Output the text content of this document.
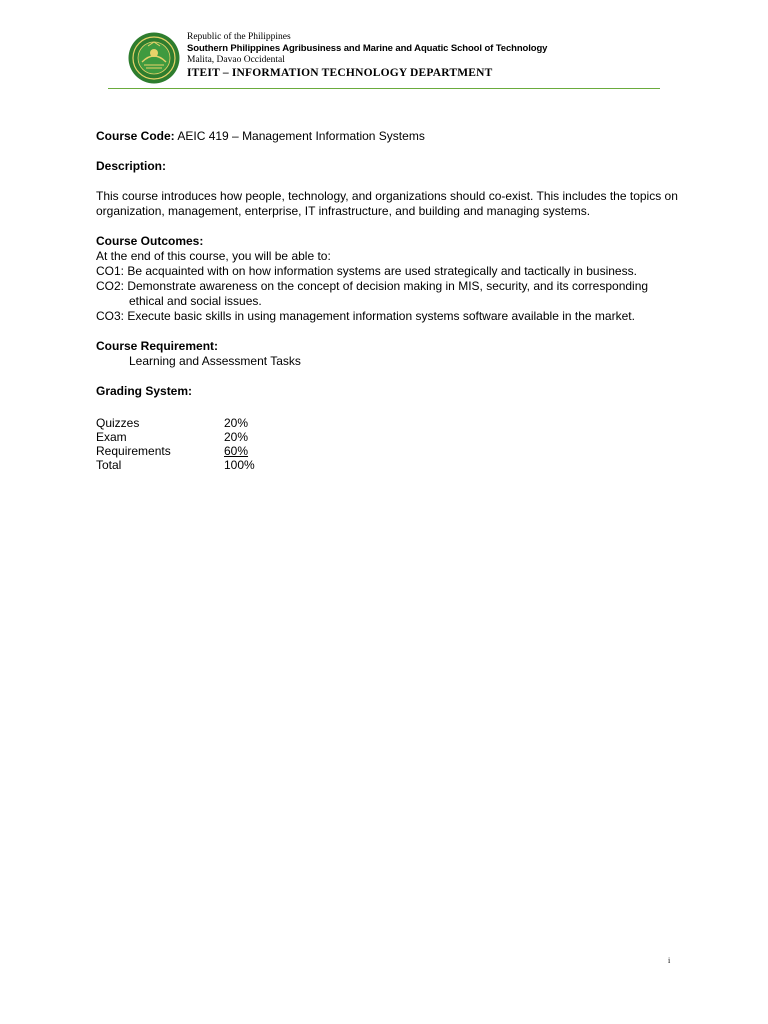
Republic of the Philippines
Southern Philippines Agribusiness and Marine and Aquatic School of Technology
Malita, Davao Occidental
ITEIT – INFORMATION TECHNOLOGY DEPARTMENT

Course Code: AEIC 419 – Management Information Systems

Description:

This course introduces how people, technology, and organizations should co-exist. This includes the topics on organization, management, enterprise, IT infrastructure, and building and managing systems.

Course Outcomes:

At the end of this course, you will be able to:

CO1: Be acquainted with on how information systems are used strategically and tactically in business.

CO2: Demonstrate awareness on the concept of decision making in MIS, security, and its corresponding

ethical and social issues.

CO3: Execute basic skills in using management information systems software available in the market.

Course Requirement:

Learning and Assessment Tasks

Grading System:

Quizzes	20%
Exam	20%
Requirements	60%
Total	100%
i
